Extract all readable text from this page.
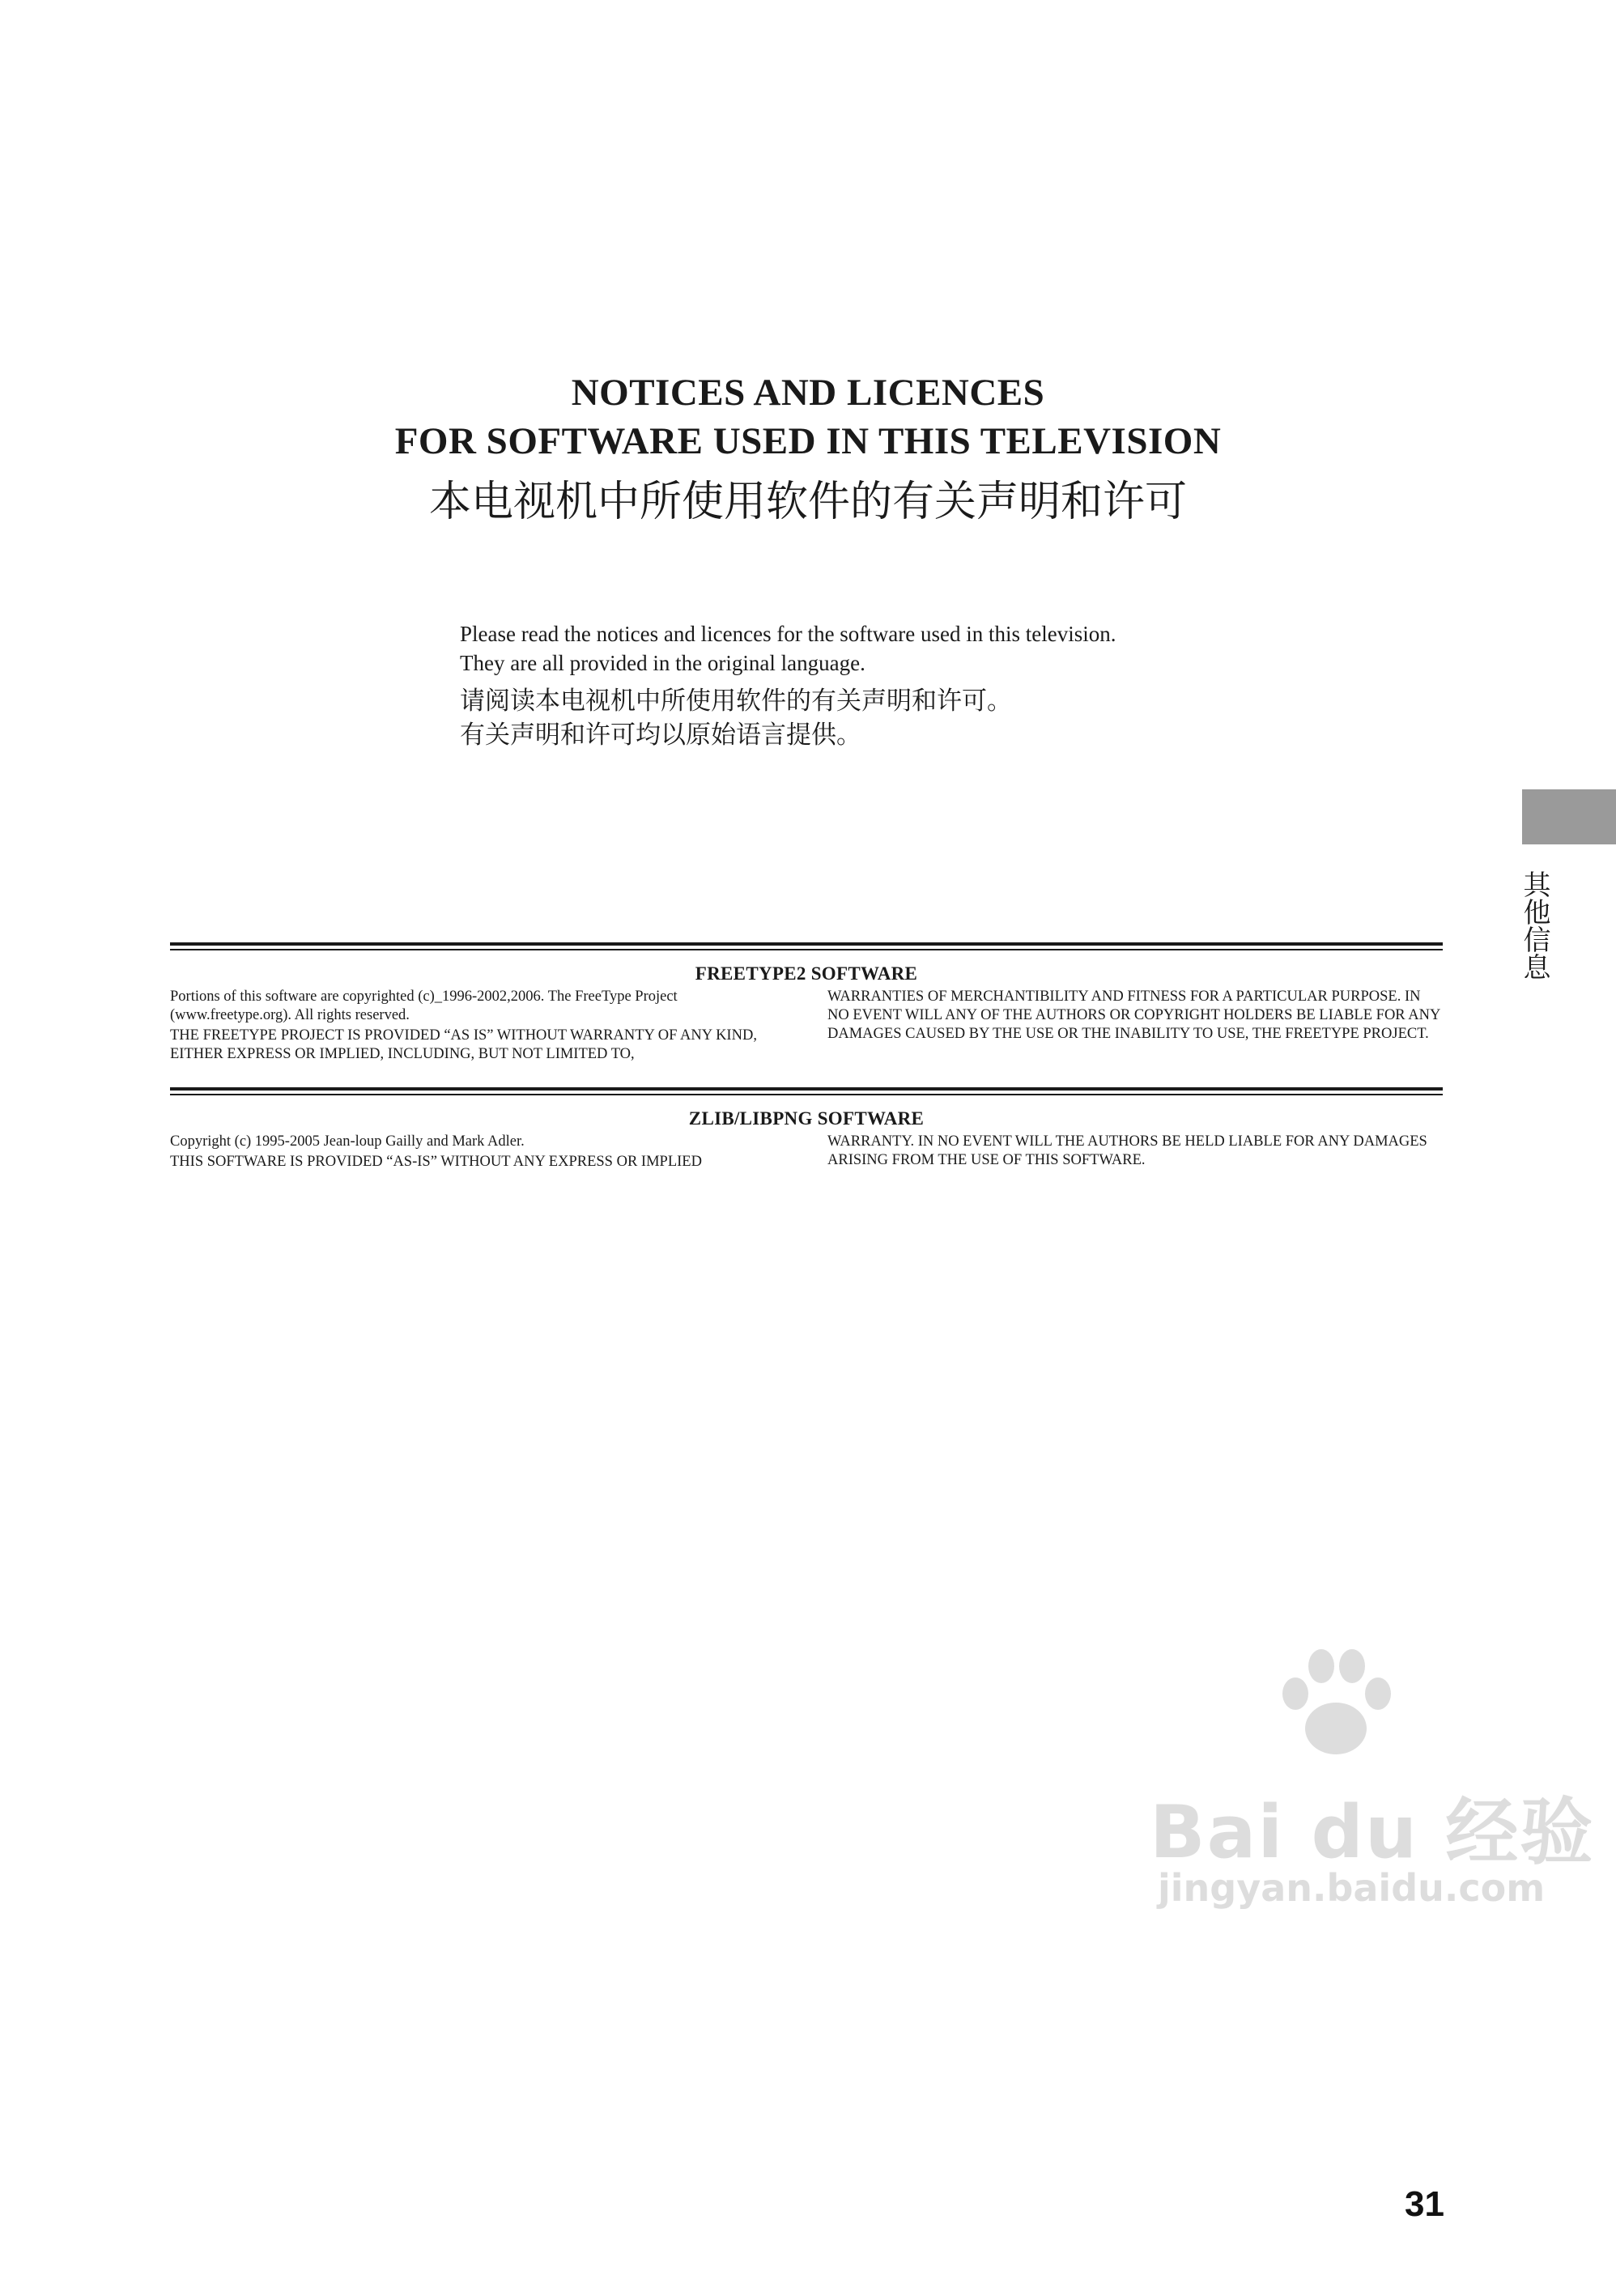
NOTICES AND LICENCES
FOR SOFTWARE USED IN THIS TELEVISION
本电视机中所使用软件的有关声明和许可

Please read the notices and licences for the software used in this television.

They are all provided in the original language.

请阅读本电视机中所使用软件的有关声明和许可。

有关声明和许可均以原始语言提供。

其他信息
FREETYPE2 SOFTWARE

Portions of this software are copyrighted (c)_1996-2002,2006. The FreeType Project (www.freetype.org). All rights reserved.

THE FREETYPE PROJECT IS PROVIDED “AS IS” WITHOUT WARRANTY OF ANY KIND, EITHER EXPRESS OR IMPLIED, INCLUDING, BUT NOT LIMITED TO,

WARRANTIES OF MERCHANTIBILITY AND FITNESS FOR A PARTICULAR PURPOSE. IN NO EVENT WILL ANY OF THE AUTHORS OR COPYRIGHT HOLDERS BE LIABLE FOR ANY DAMAGES CAUSED BY THE USE OR THE INABILITY TO USE, THE FREETYPE PROJECT.

ZLIB/LIBPNG SOFTWARE

Copyright (c) 1995-2005 Jean-loup Gailly and Mark Adler.

THIS SOFTWARE IS PROVIDED “AS-IS” WITHOUT ANY EXPRESS OR IMPLIED

WARRANTY. IN NO EVENT WILL THE AUTHORS BE HELD LIABLE FOR ANY DAMAGES ARISING FROM THE USE OF THIS SOFTWARE.

Bai du 经验
jingyan.baidu.com
31
